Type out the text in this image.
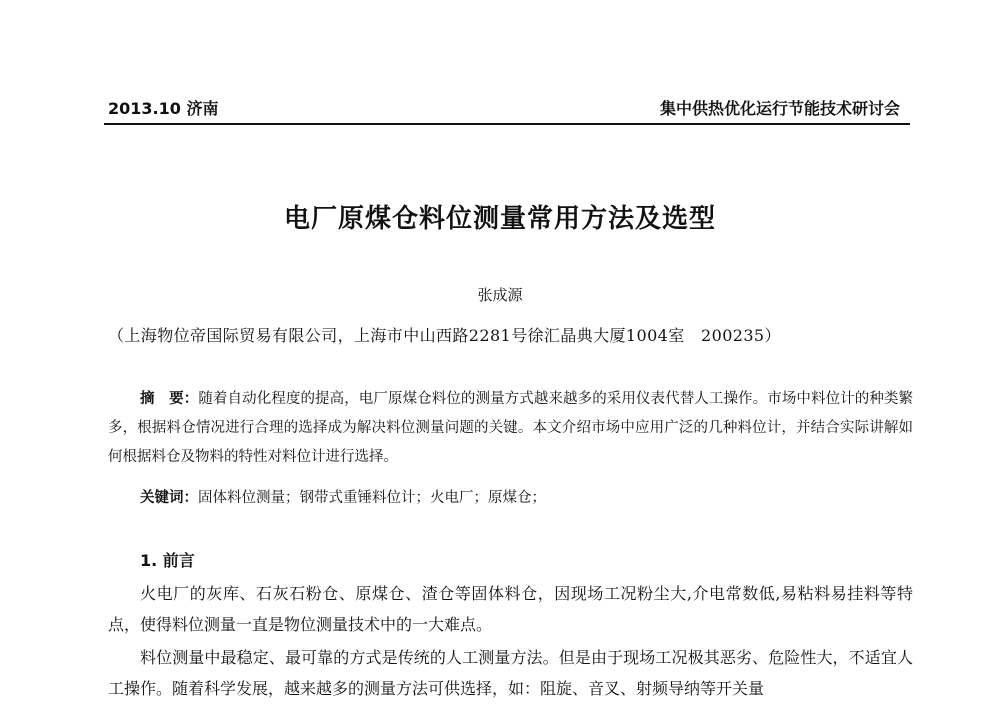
2013.10 济南	集中供热优化运行节能技术研讨会
电厂原煤仓料位测量常用方法及选型
张成源
（上海物位帝国际贸易有限公司，上海市中山西路2281号徐汇晶典大厦1004室　200235）
摘　要：随着自动化程度的提高，电厂原煤仓料位的测量方式越来越多的采用仪表代替人工操作。市场中料位计的种类繁多，根据料仓情况进行合理的选择成为解决料位测量问题的关键。本文介绍市场中应用广泛的几种料位计，并结合实际讲解如何根据料仓及物料的特性对料位计进行选择。
关键词：固体料位测量；钢带式重锤料位计；火电厂；原煤仓；
1. 前言
火电厂的灰库、石灰石粉仓、原煤仓、渣仓等固体料仓，因现场工况粉尘大,介电常数低,易粘料易挂料等特点，使得料位测量一直是物位测量技术中的一大难点。
料位测量中最稳定、最可靠的方式是传统的人工测量方法。但是由于现场工况极其恶劣、危险性大，不适宜人工操作。随着科学发展，越来越多的测量方法可供选择，如：阻旋、音叉、射频导纳等开关量
